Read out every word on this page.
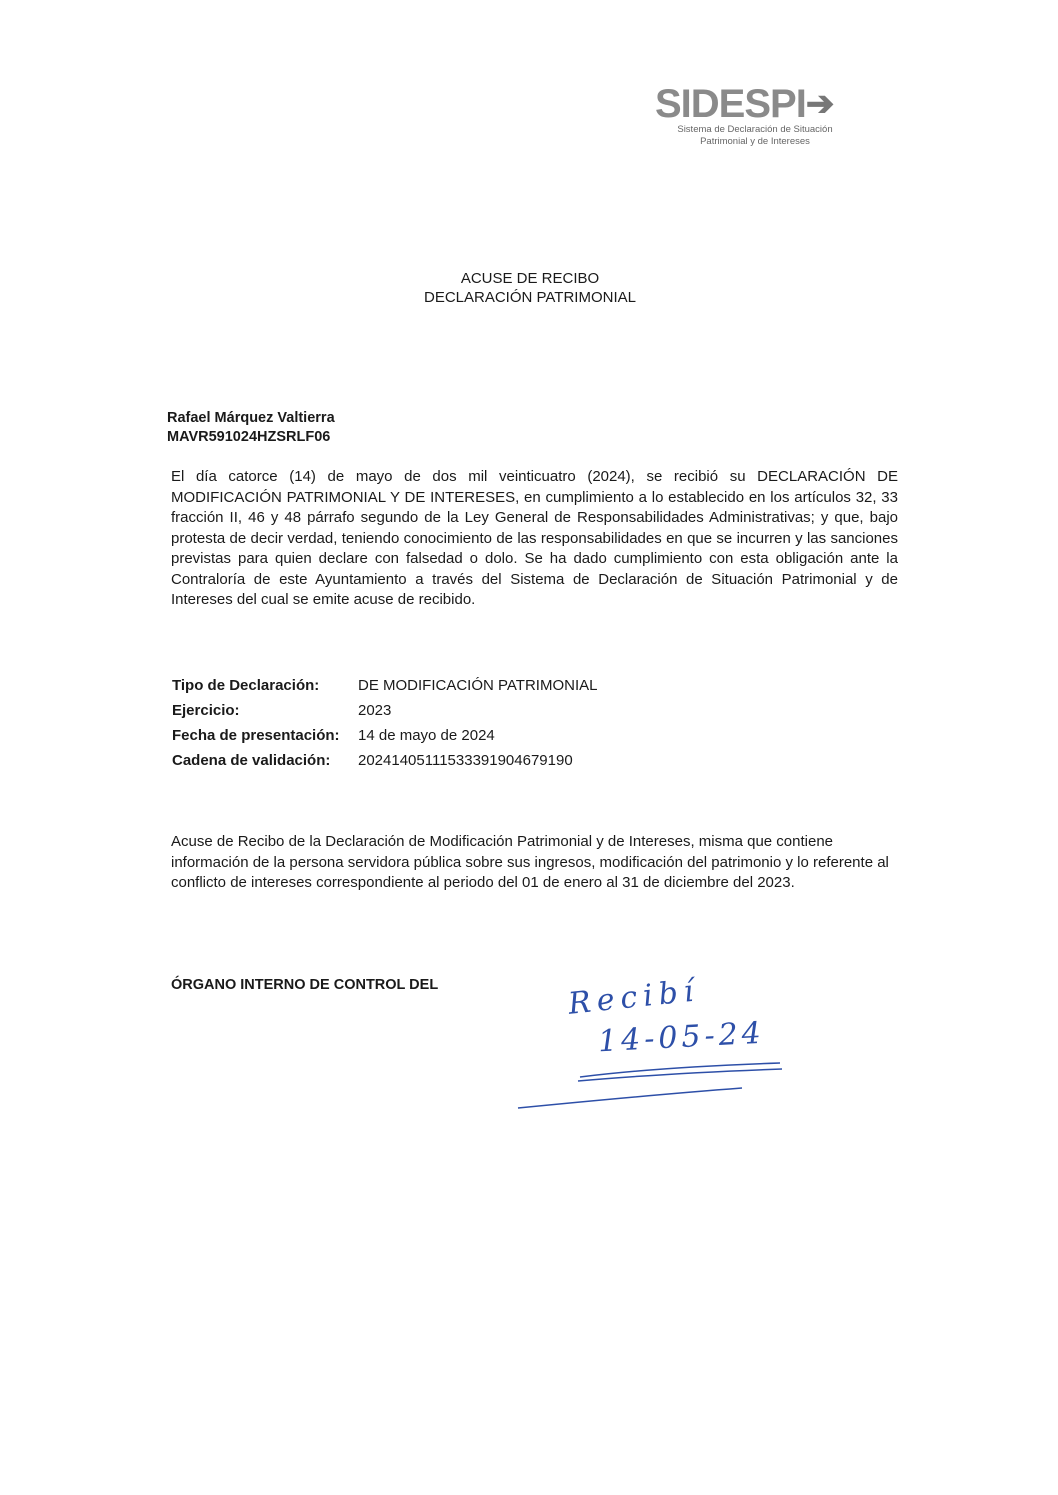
SIDESPI➔
Sistema de Declaración de Situación
Patrimonial y de Intereses
ACUSE DE RECIBO
DECLARACIÓN PATRIMONIAL
Rafael Márquez Valtierra
MAVR591024HZSRLF06
El día catorce (14) de mayo de dos mil veinticuatro (2024), se recibió su DECLARACIÓN DE MODIFICACIÓN PATRIMONIAL Y DE INTERESES, en cumplimiento a lo establecido en los artículos 32, 33 fracción II, 46 y 48 párrafo segundo de la Ley General de Responsabilidades Administrativas; y que, bajo protesta de decir verdad, teniendo conocimiento de las responsabilidades en que se incurren y las sanciones previstas para quien declare con falsedad o dolo. Se ha dado cumplimiento con esta obligación ante la Contraloría de este Ayuntamiento a través del Sistema de Declaración de Situación Patrimonial y de Intereses del cual se emite acuse de recibido.
Tipo de Declaración:	DE MODIFICACIÓN PATRIMONIAL
Ejercicio:	2023
Fecha de presentación:	14 de mayo de 2024
Cadena de validación:	20241405111533391904679190
Acuse de Recibo de la Declaración de Modificación Patrimonial y de Intereses, misma que contiene información de la persona servidora pública sobre sus ingresos, modificación del patrimonio y lo referente al conflicto de intereses correspondiente al periodo del 01 de enero al 31 de diciembre del 2023.
ÓRGANO INTERNO DE CONTROL DEL	Recibí
14-05-24
